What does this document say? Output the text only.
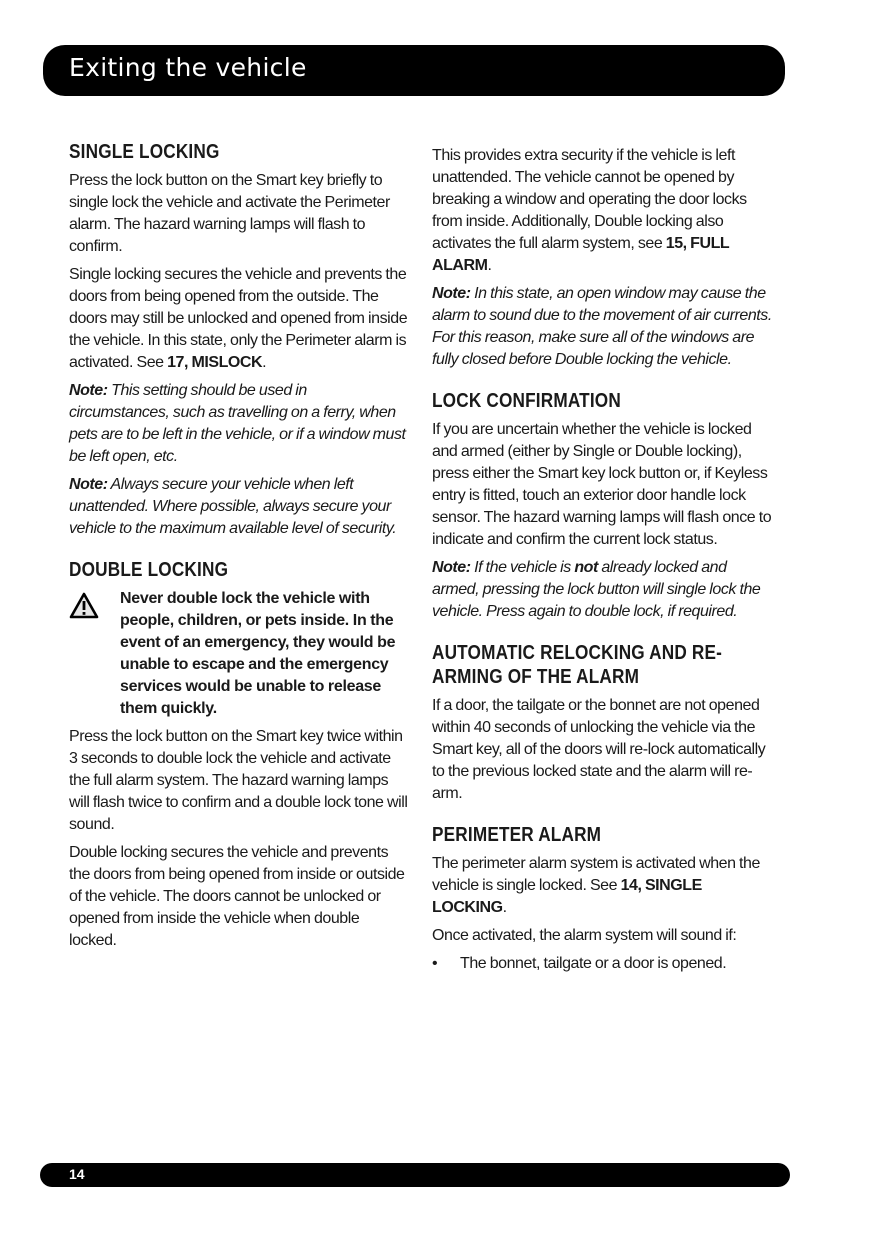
Exiting the vehicle
SINGLE LOCKING

Press the lock button on the Smart key briefly to single lock the vehicle and activate the Perimeter alarm. The hazard warning lamps will flash to confirm.

Single locking secures the vehicle and prevents the doors from being opened from the outside. The doors may still be unlocked and opened from inside the vehicle. In this state, only the Perimeter alarm is activated. See 17, MISLOCK.

Note: This setting should be used in circumstances, such as travelling on a ferry, when pets are to be left in the vehicle, or if a window must be left open, etc.

Note: Always secure your vehicle when left unattended. Where possible, always secure your vehicle to the maximum available level of security.

DOUBLE LOCKING
Never double lock the vehicle with people, children, or pets inside. In the event of an emergency, they would be unable to escape and the emergency services would be unable to release them quickly.

Press the lock button on the Smart key twice within 3 seconds to double lock the vehicle and activate the full alarm system. The hazard warning lamps will flash twice to confirm and a double lock tone will sound.

Double locking secures the vehicle and prevents the doors from being opened from inside or outside of the vehicle. The doors cannot be unlocked or opened from inside the vehicle when double locked.

This provides extra security if the vehicle is left unattended. The vehicle cannot be opened by breaking a window and operating the door locks from inside. Additionally, Double locking also activates the full alarm system, see 15, FULL ALARM.

Note: In this state, an open window may cause the alarm to sound due to the movement of air currents. For this reason, make sure all of the windows are fully closed before Double locking the vehicle.

LOCK CONFIRMATION

If you are uncertain whether the vehicle is locked and armed (either by Single or Double locking), press either the Smart key lock button or, if Keyless entry is fitted, touch an exterior door handle lock sensor. The hazard warning lamps will flash once to indicate and confirm the current lock status.

Note: If the vehicle is not already locked and armed, pressing the lock button will single lock the vehicle. Press again to double lock, if required.

AUTOMATIC RELOCKING AND RE-ARMING OF THE ALARM

If a door, the tailgate or the bonnet are not opened within 40 seconds of unlocking the vehicle via the Smart key, all of the doors will re-lock automatically to the previous locked state and the alarm will re-arm.

PERIMETER ALARM

The perimeter alarm system is activated when the vehicle is single locked. See 14, SINGLE LOCKING.

Once activated, the alarm system will sound if:

•	The bonnet, tailgate or a door is opened.
14
